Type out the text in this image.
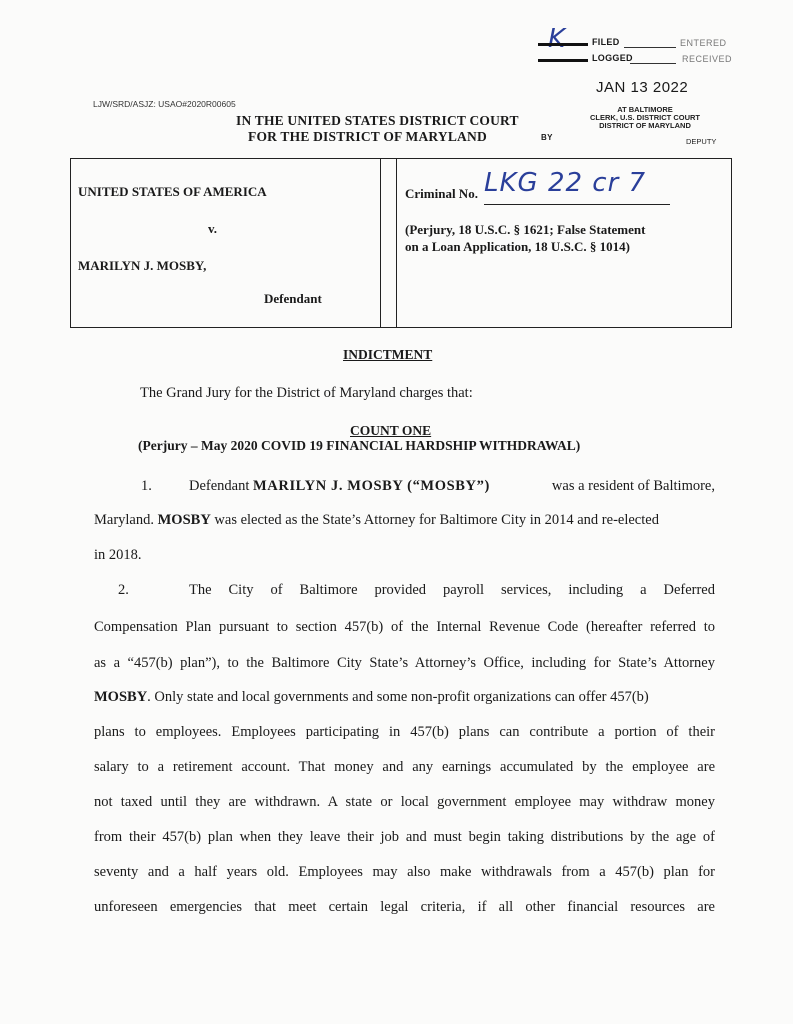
K	FILED	ENTERED
LOGGED	RECEIVED
JAN 13 2022
AT BALTIMORE
CLERK, U.S. DISTRICT COURT
DISTRICT OF MARYLAND
BY	DEPUTY
LJW/SRD/ASJZ: USAO#2020R00605
IN THE UNITED STATES DISTRICT COURT
FOR THE DISTRICT OF MARYLAND
UNITED STATES OF AMERICA
v.
MARILYN J. MOSBY,
Defendant
Criminal No. LKG 22 cr 7
(Perjury, 18 U.S.C. § 1621; False Statement
on a Loan Application, 18 U.S.C. § 1014)
INDICTMENT
The Grand Jury for the District of Maryland charges that:
COUNT ONE
(Perjury – May 2020 COVID 19 FINANCIAL HARDSHIP WITHDRAWAL)
1.	Defendant MARILYN J. MOSBY (“MOSBY”)	was a resident of Baltimore,
Maryland. MOSBY was elected as the State’s Attorney for Baltimore City in 2014 and re-elected
in 2018.
2.	The City of Baltimore provided payroll services, including a Deferred
Compensation Plan pursuant to section 457(b) of the Internal Revenue Code (hereafter referred to
as a “457(b) plan”), to the Baltimore City State’s Attorney’s Office, including for State’s Attorney
MOSBY . Only state and local governments and some non-profit organizations can offer 457(b)
plans to employees. Employees participating in 457(b) plans can contribute a portion of their
salary to a retirement account. That money and any earnings accumulated by the employee are
not taxed until they are withdrawn. A state or local government employee may withdraw money
from their 457(b) plan when they leave their job and must begin taking distributions by the age of
seventy and a half years old. Employees may also make withdrawals from a 457(b) plan for
unforeseen emergencies that meet certain legal criteria, if all other financial resources are
